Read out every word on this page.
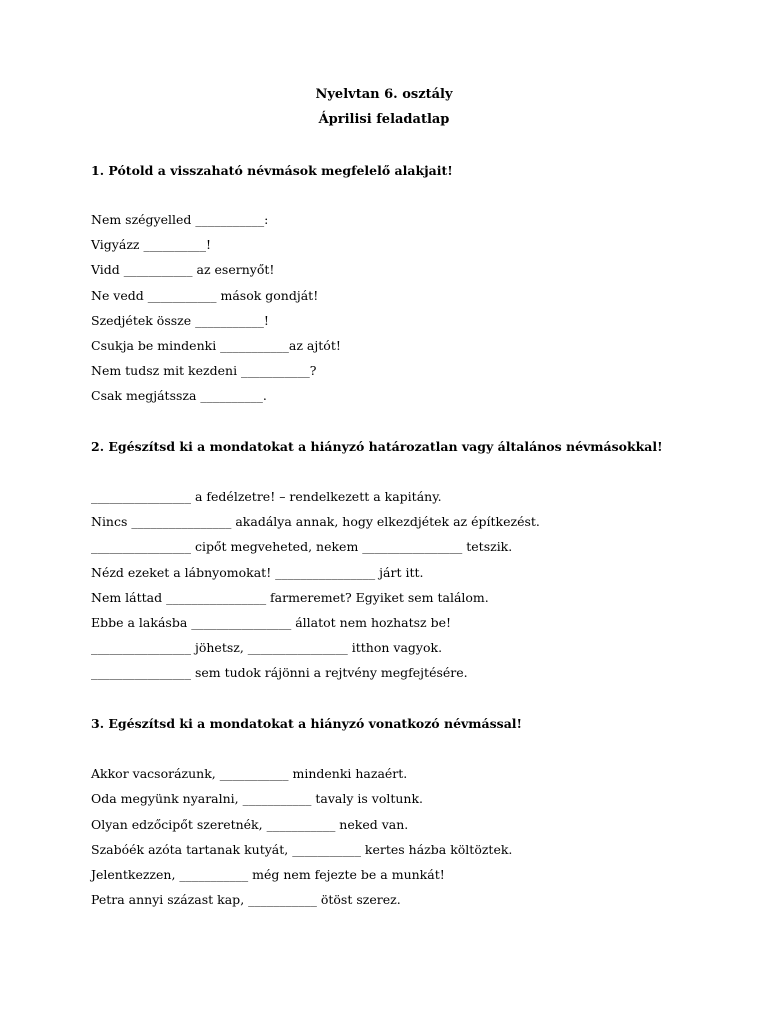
Nyelvtan 6. osztály
Áprilisi feladatlap
1. Pótold a visszaható névmások megfelelő alakjait!
Nem szégyelled ___________:
Vigyázz __________!
Vidd ___________ az esernyőt!
Ne vedd ___________ mások gondját!
Szedjétek össze ___________!
Csukja be mindenki ___________az ajtót!
Nem tudsz mit kezdeni ___________?
Csak megjátssza __________.
2. Egészítsd ki a mondatokat a hiányzó határozatlan vagy általános névmásokkal!
________________ a fedélzetre! – rendelkezett a kapitány.
Nincs ________________ akadálya annak, hogy elkezdjétek az építkezést.
________________ cipőt megveheted, nekem ________________ tetszik.
Nézd ezeket a lábnyomokat! ________________ járt itt.
Nem láttad ________________ farmeremet? Egyiket sem találom.
Ebbe a lakásba ________________ állatot nem hozhatsz be!
________________ jöhetsz, ________________ itthon vagyok.
________________ sem tudok rájönni a rejtvény megfejtésére.
3. Egészítsd ki a mondatokat a hiányzó vonatkozó névmással!
Akkor vacsorázunk, ___________ mindenki hazaért.
Oda megyünk nyaralni, ___________ tavaly is voltunk.
Olyan edzőcipőt szeretnék, ___________ neked van.
Szabóék azóta tartanak kutyát, ___________ kertes házba költöztek.
Jelentkezzen, ___________ még nem fejezte be a munkát!
Petra annyi százast kap, ___________ ötöst szerez.
